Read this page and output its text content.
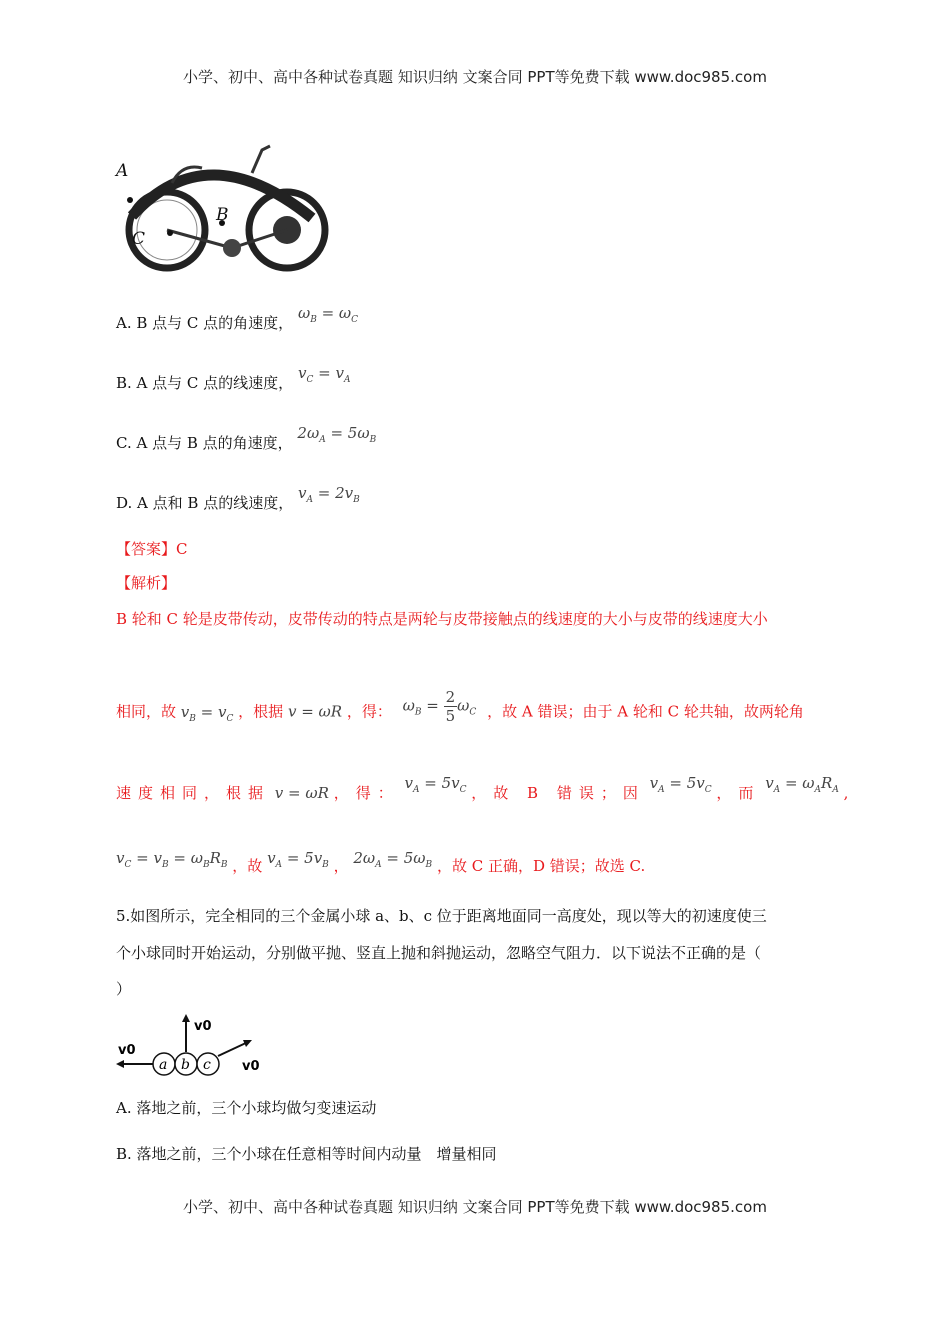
小学、初中、高中各种试卷真题 知识归纳 文案合同 PPT等免费下载 www.doc985.com
A
B
C
A. B 点与 C 点的角速度， $\omega_B = \omega_C$
B. A 点与 C 点的线速度， $v_C = v_A$
C. A 点与 B 点的角速度， $2\omega_A = 5\omega_B$
D. A 点和 B 点的线速度， $v_A = 2v_B$
【答案】C
【解析】
B 轮和 C 轮是皮带传动，皮带传动的特点是两轮与皮带接触点的线速度的大小与皮带的线速度大小
相同，故 $v_B = v_C$ ，根据 v = ωR ，得： $\omega_B = \frac{2}{5} \omega_C$ ，故 A 错误；由于 A 轮和 C 轮共轴，故两轮角
速度相同，根据 v = ωR ，得： $v_A = 5v_C$ ，故 B 错误；因 $v_A = 5v_C$ ，而 $v_A = \omega_AR_A$ ,
$v_C = v_B = \omega_BR_B$ ，故 $v_A = 5v_B$ ， $2\omega_A = 5\omega_B$ ，故 C 正确，D 错误；故选 C.
5.如图所示，完全相同的三个金属小球 a、b、c 位于距离地面同一高度处，现以等大的初速度使三
个小球同时开始运动，分别做平抛、竖直上抛和斜抛运动，忽略空气阻力．以下说法不正确的是（
）
a b c
v0
v0
v0
A. 落地之前，三个小球均做匀变速运动
B. 落地之前，三个小球在任意相等时间内动量　增量相同
小学、初中、高中各种试卷真题 知识归纳 文案合同 PPT等免费下载 www.doc985.com
